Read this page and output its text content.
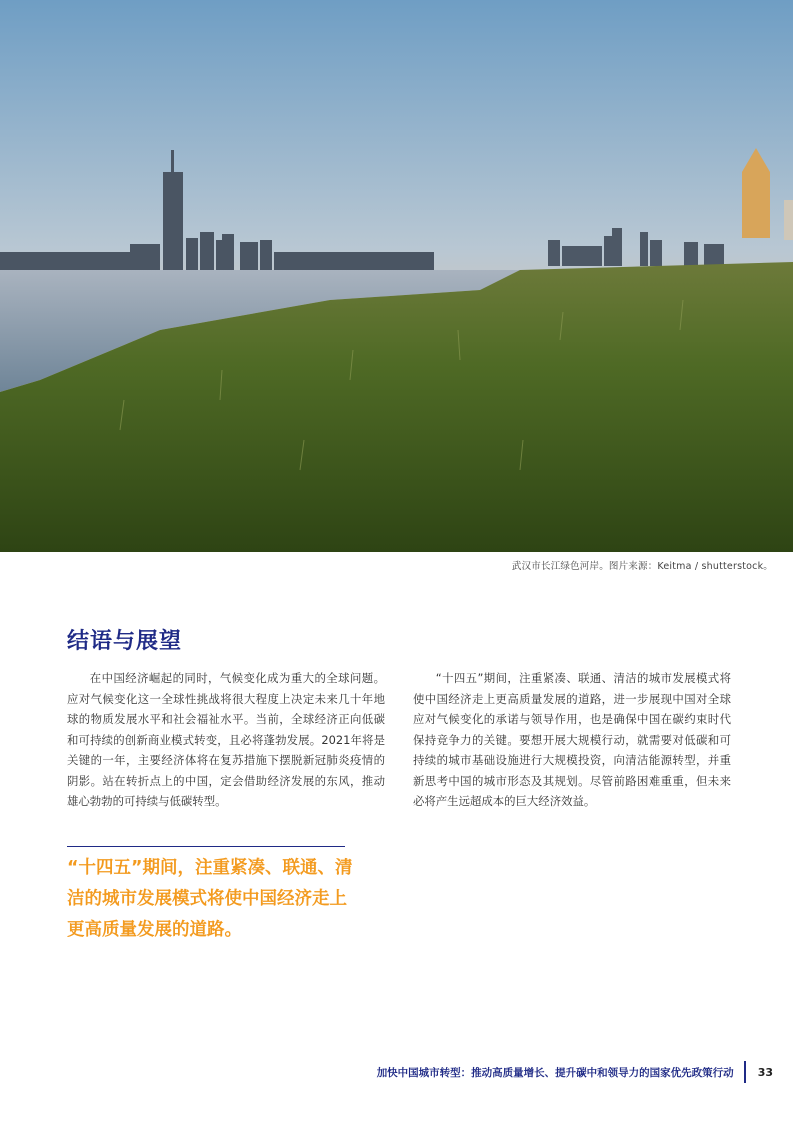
武汉市长江绿色河岸。图片来源：Keitma / shutterstock。
结语与展望

在中国经济崛起的同时，气候变化成为重大的全球问题。应对气候变化这一全球性挑战将很大程度上决定未来几十年地球的物质发展水平和社会福祉水平。当前，全球经济正向低碳和可持续的创新商业模式转变，且必将蓬勃发展。2021年将是关键的一年，主要经济体将在复苏措施下摆脱新冠肺炎疫情的阴影。站在转折点上的中国，定会借助经济发展的东风，推动雄心勃勃的可持续与低碳转型。

“十四五”期间，注重紧凑、联通、清洁的城市发展模式将使中国经济走上更高质量发展的道路，进一步展现中国对全球应对气候变化的承诺与领导作用，也是确保中国在碳约束时代保持竞争力的关键。要想开展大规模行动，就需要对低碳和可持续的城市基础设施进行大规模投资，向清洁能源转型，并重新思考中国的城市形态及其规划。尽管前路困难重重，但未来必将产生远超成本的巨大经济效益。

“十四五”期间，注重紧凑、联通、清洁的城市发展模式将使中国经济走上更高质量发展的道路。

加快中国城市转型：推动高质量增长、提升碳中和领导力的国家优先政策行动 33
